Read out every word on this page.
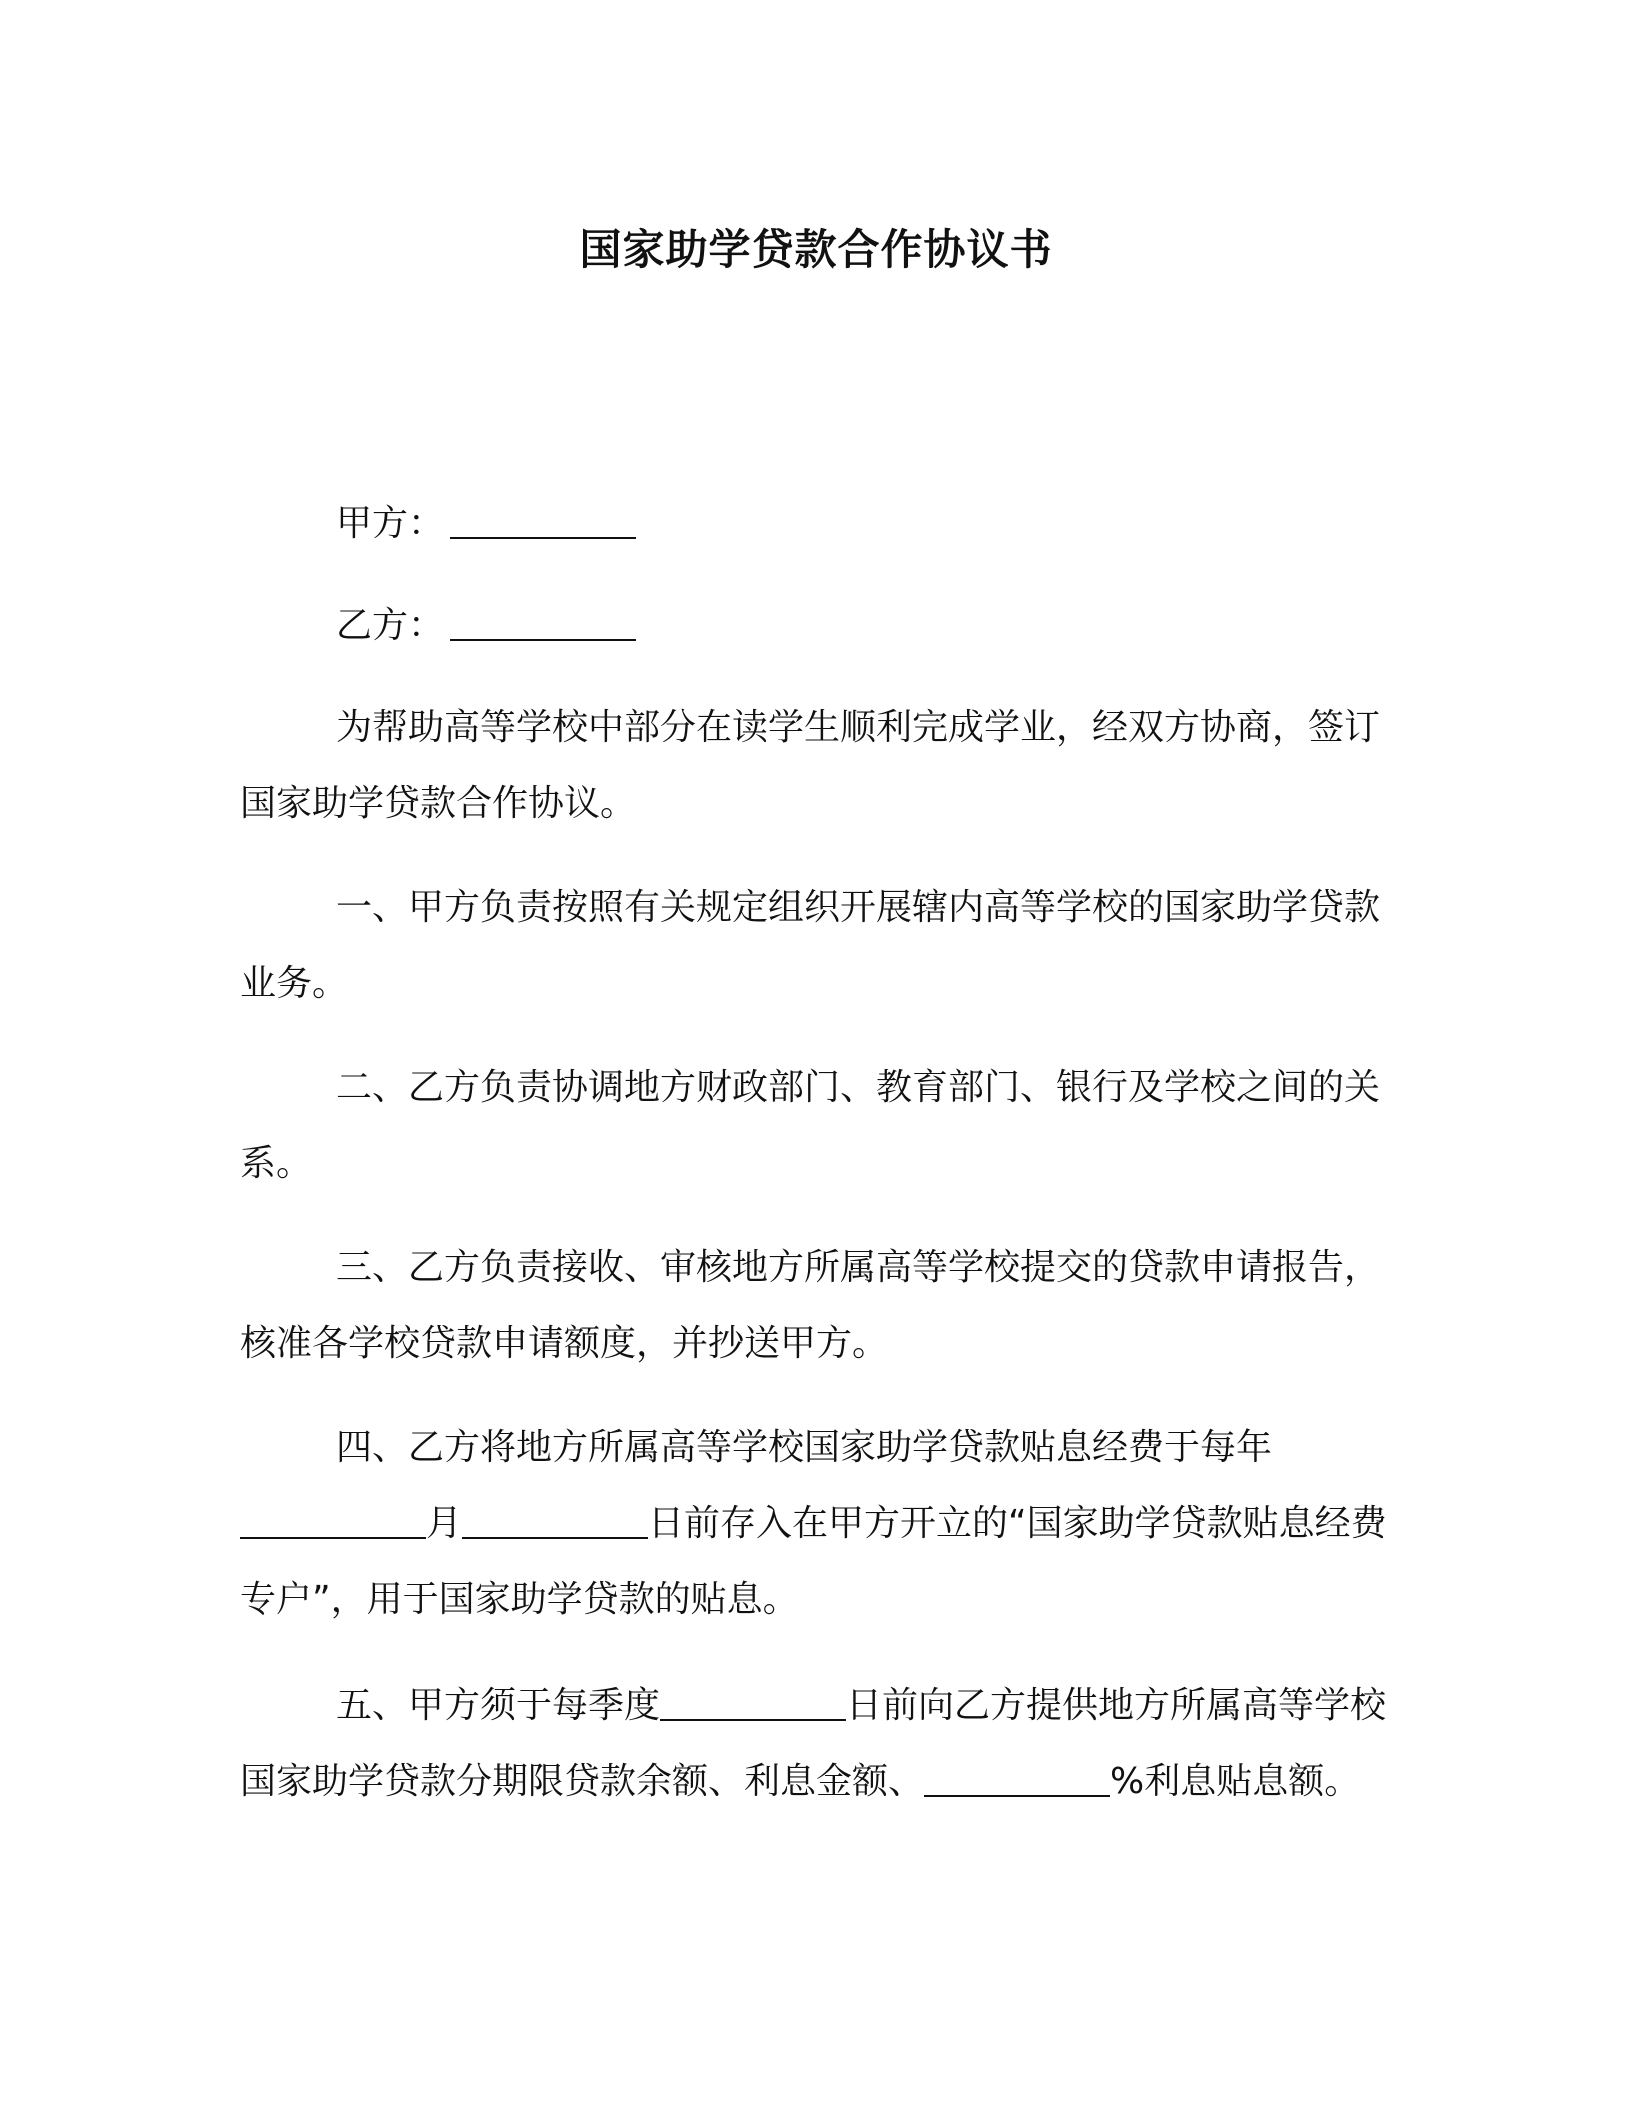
国家助学贷款合作协议书
甲方：
乙方：
为帮助高等学校中部分在读学生顺利完成学业，经双方协商，签订国家助学贷款合作协议。
一、甲方负责按照有关规定组织开展辖内高等学校的国家助学贷款业务。
二、乙方负责协调地方财政部门、教育部门、银行及学校之间的关系。
三、乙方负责接收、审核地方所属高等学校提交的贷款申请报告，核准各学校贷款申请额度，并抄送甲方。
四、乙方将地方所属高等学校国家助学贷款贴息经费于每年月	日前存入在甲方开立的“国家助学贷款贴息经费专户”，用于国家助学贷款的贴息。
五、甲方须于每季度	日前向乙方提供地方所属高等学校国家助学贷款分期限贷款余额、利息金额、	%利息贴息额。
